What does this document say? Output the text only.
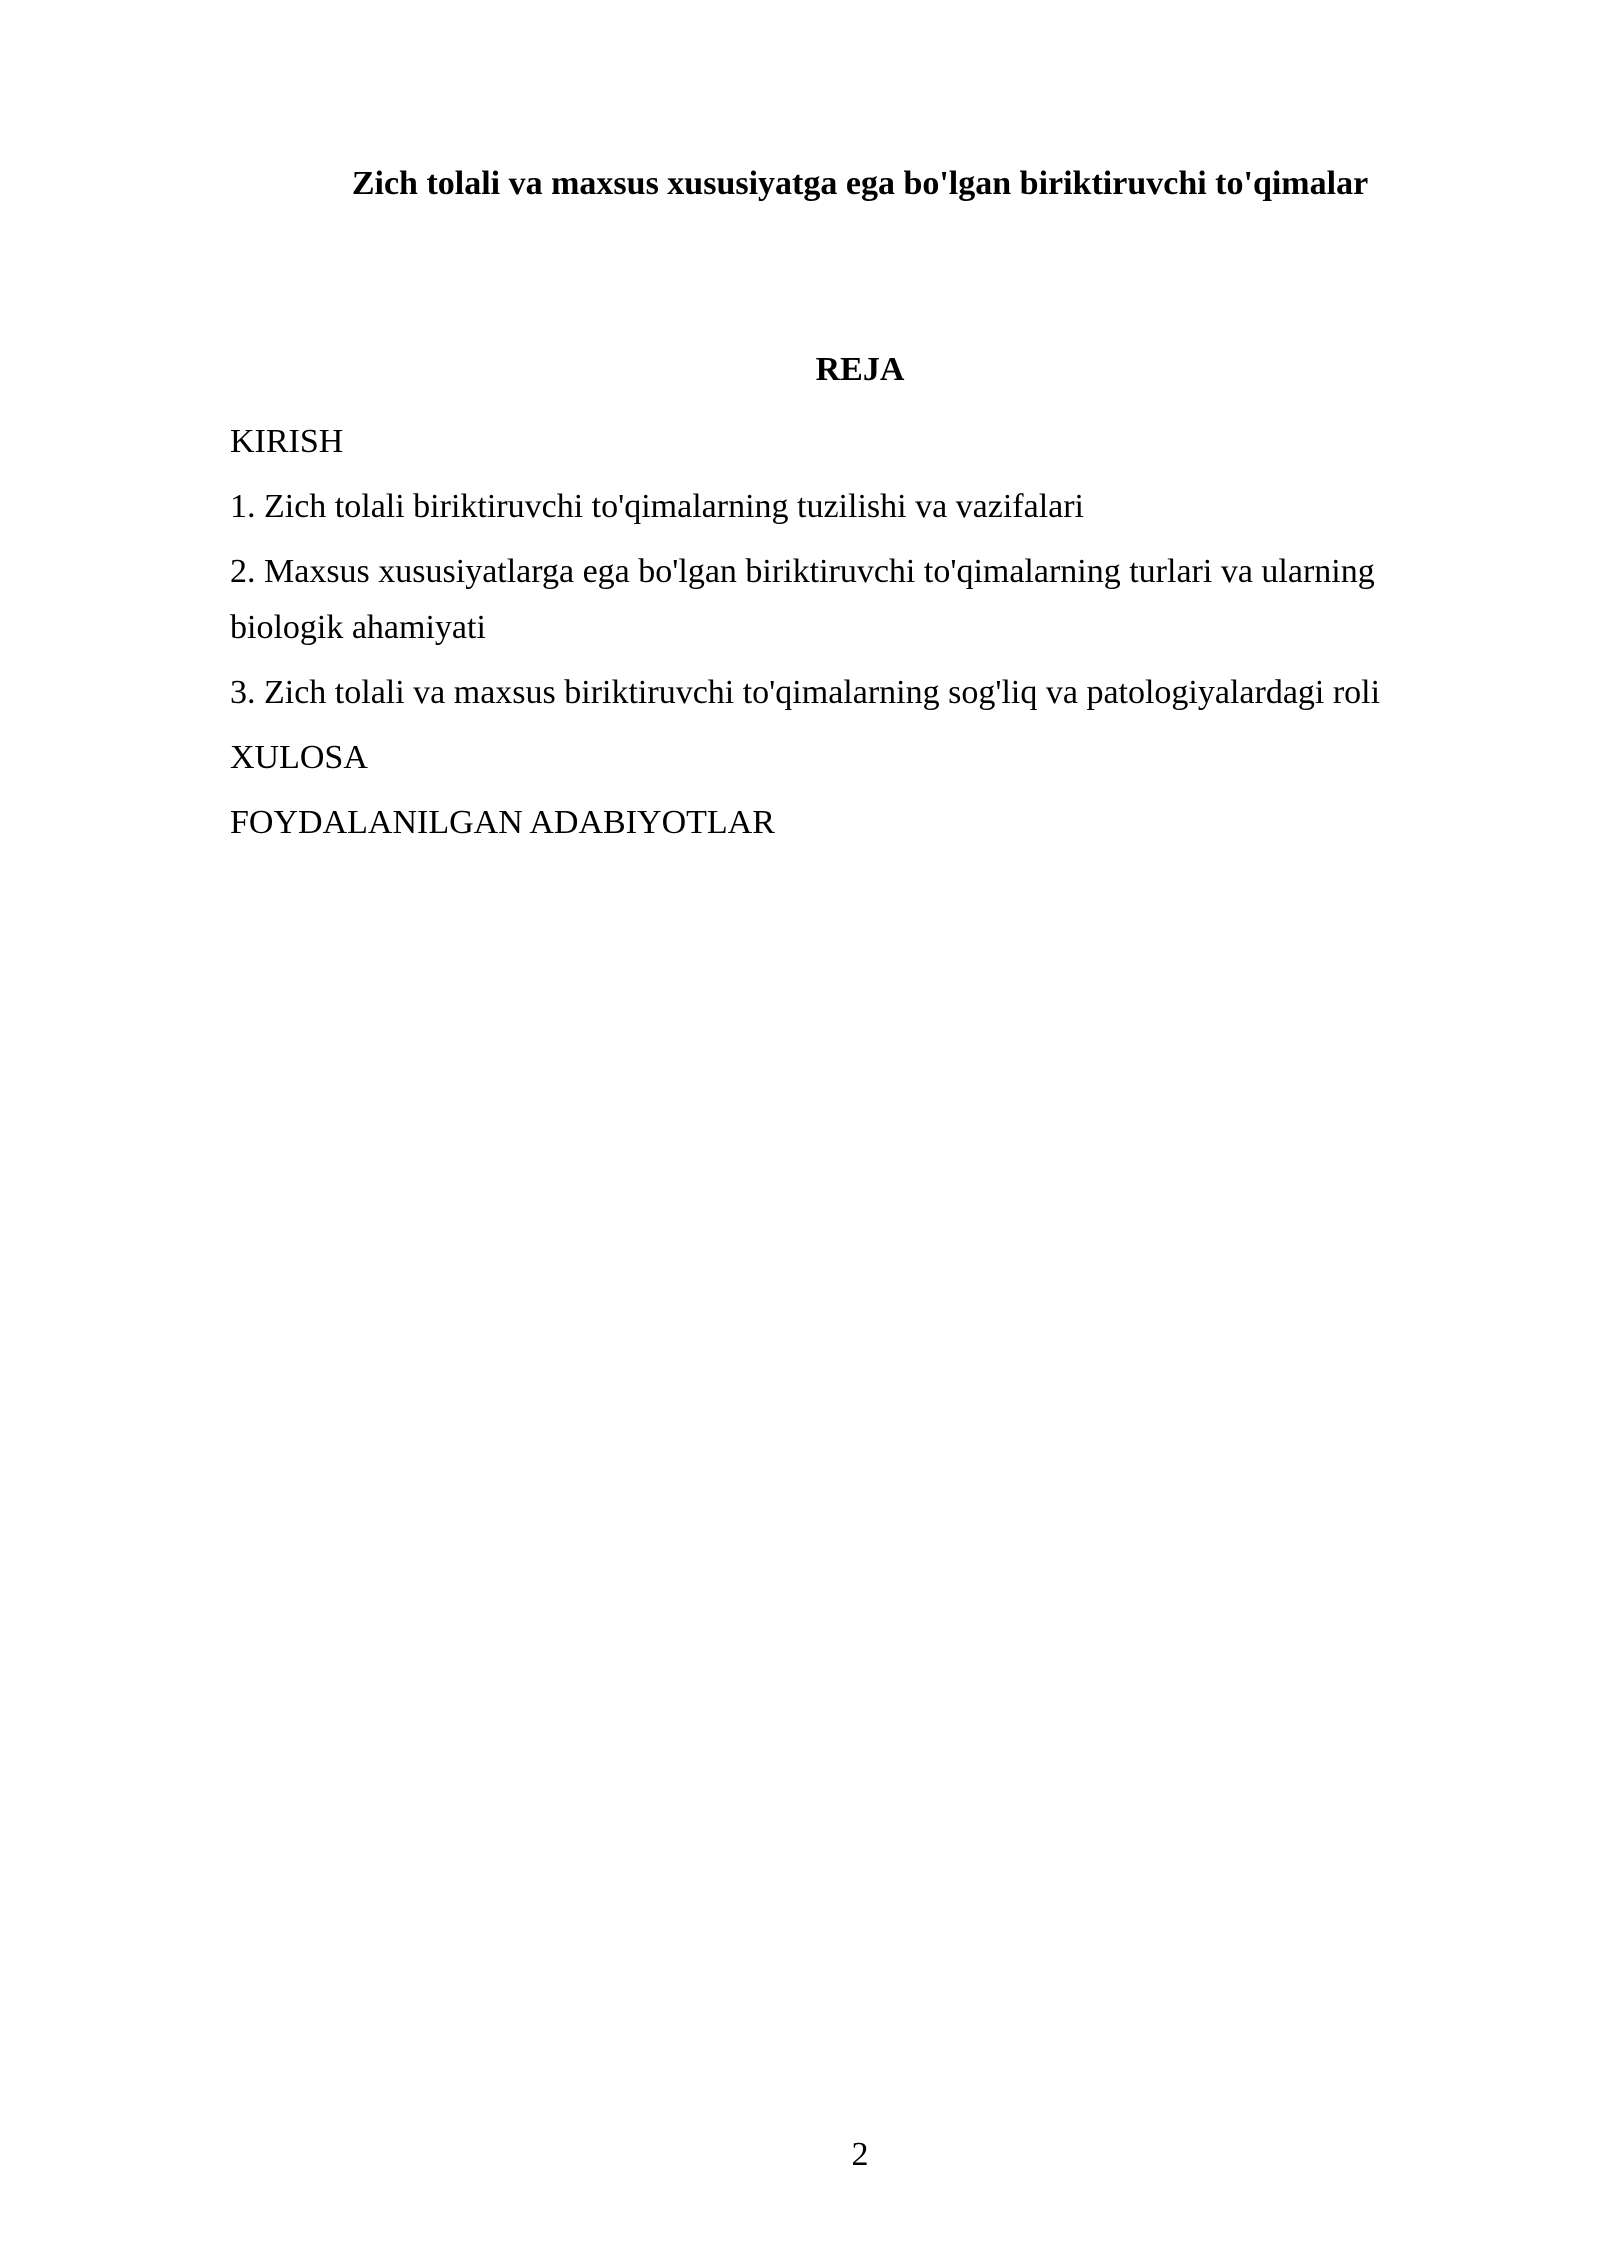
Zich tolali va maxsus xususiyatga ega bo'lgan biriktiruvchi to'qimalar
REJA
KIRISH
1. Zich tolali biriktiruvchi to'qimalarning tuzilishi va vazifalari
2. Maxsus xususiyatlarga ega bo'lgan biriktiruvchi to'qimalarning turlari va ularning biologik ahamiyati
3. Zich tolali va maxsus biriktiruvchi to'qimalarning sog'liq va patologiyalardagi roli
XULOSA
FOYDALANILGAN ADABIYOTLAR
2
